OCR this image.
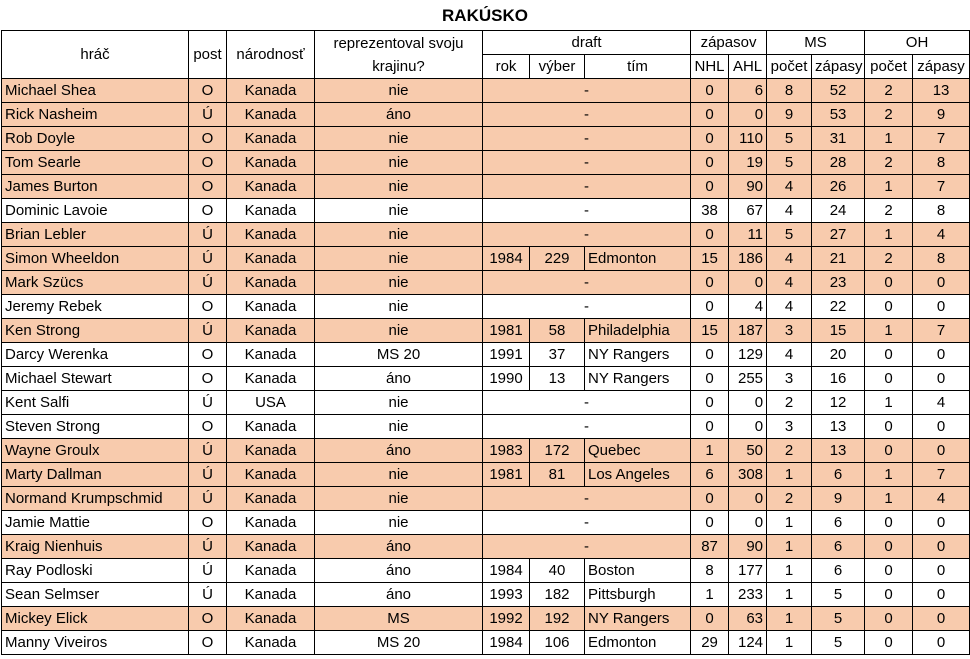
RAKÚSKO
hráč	post	národnosť	reprezentoval svoju krajinu?	draft			zápasov		MS		OH	
				rok	výber	tím	NHL	AHL	počet	zápasy	počet	zápasy
Michael Shea	O	Kanada	nie	-			0	6	8	52	2	13
Rick Nasheim	Ú	Kanada	áno	-			0	0	9	53	2	9
Rob Doyle	O	Kanada	nie	-			0	110	5	31	1	7
Tom Searle	O	Kanada	nie	-			0	19	5	28	2	8
James Burton	O	Kanada	nie	-			0	90	4	26	1	7
Dominic Lavoie	O	Kanada	nie	-			38	67	4	24	2	8
Brian Lebler	Ú	Kanada	nie	-			0	11	5	27	1	4
Simon Wheeldon	Ú	Kanada	nie	1984	229	Edmonton	15	186	4	21	2	8
Mark Szücs	Ú	Kanada	nie	-			0	0	4	23	0	0
Jeremy Rebek	O	Kanada	nie	-			0	4	4	22	0	0
Ken Strong	Ú	Kanada	nie	1981	58	Philadelphia	15	187	3	15	1	7
Darcy Werenka	O	Kanada	MS 20	1991	37	NY Rangers	0	129	4	20	0	0
Michael Stewart	O	Kanada	áno	1990	13	NY Rangers	0	255	3	16	0	0
Kent Salfi	Ú	USA	nie	-			0	0	2	12	1	4
Steven Strong	O	Kanada	nie	-			0	0	3	13	0	0
Wayne Groulx	Ú	Kanada	áno	1983	172	Quebec	1	50	2	13	0	0
Marty Dallman	Ú	Kanada	nie	1981	81	Los Angeles	6	308	1	6	1	7
Normand Krumpschmid	Ú	Kanada	nie	-			0	0	2	9	1	4
Jamie Mattie	O	Kanada	nie	-			0	0	1	6	0	0
Kraig Nienhuis	Ú	Kanada	áno	-			87	90	1	6	0	0
Ray Podloski	Ú	Kanada	áno	1984	40	Boston	8	177	1	6	0	0
Sean Selmser	Ú	Kanada	áno	1993	182	Pittsburgh	1	233	1	5	0	0
Mickey Elick	O	Kanada	MS	1992	192	NY Rangers	0	63	1	5	0	0
Manny Viveiros	O	Kanada	MS 20	1984	106	Edmonton	29	124	1	5	0	0
